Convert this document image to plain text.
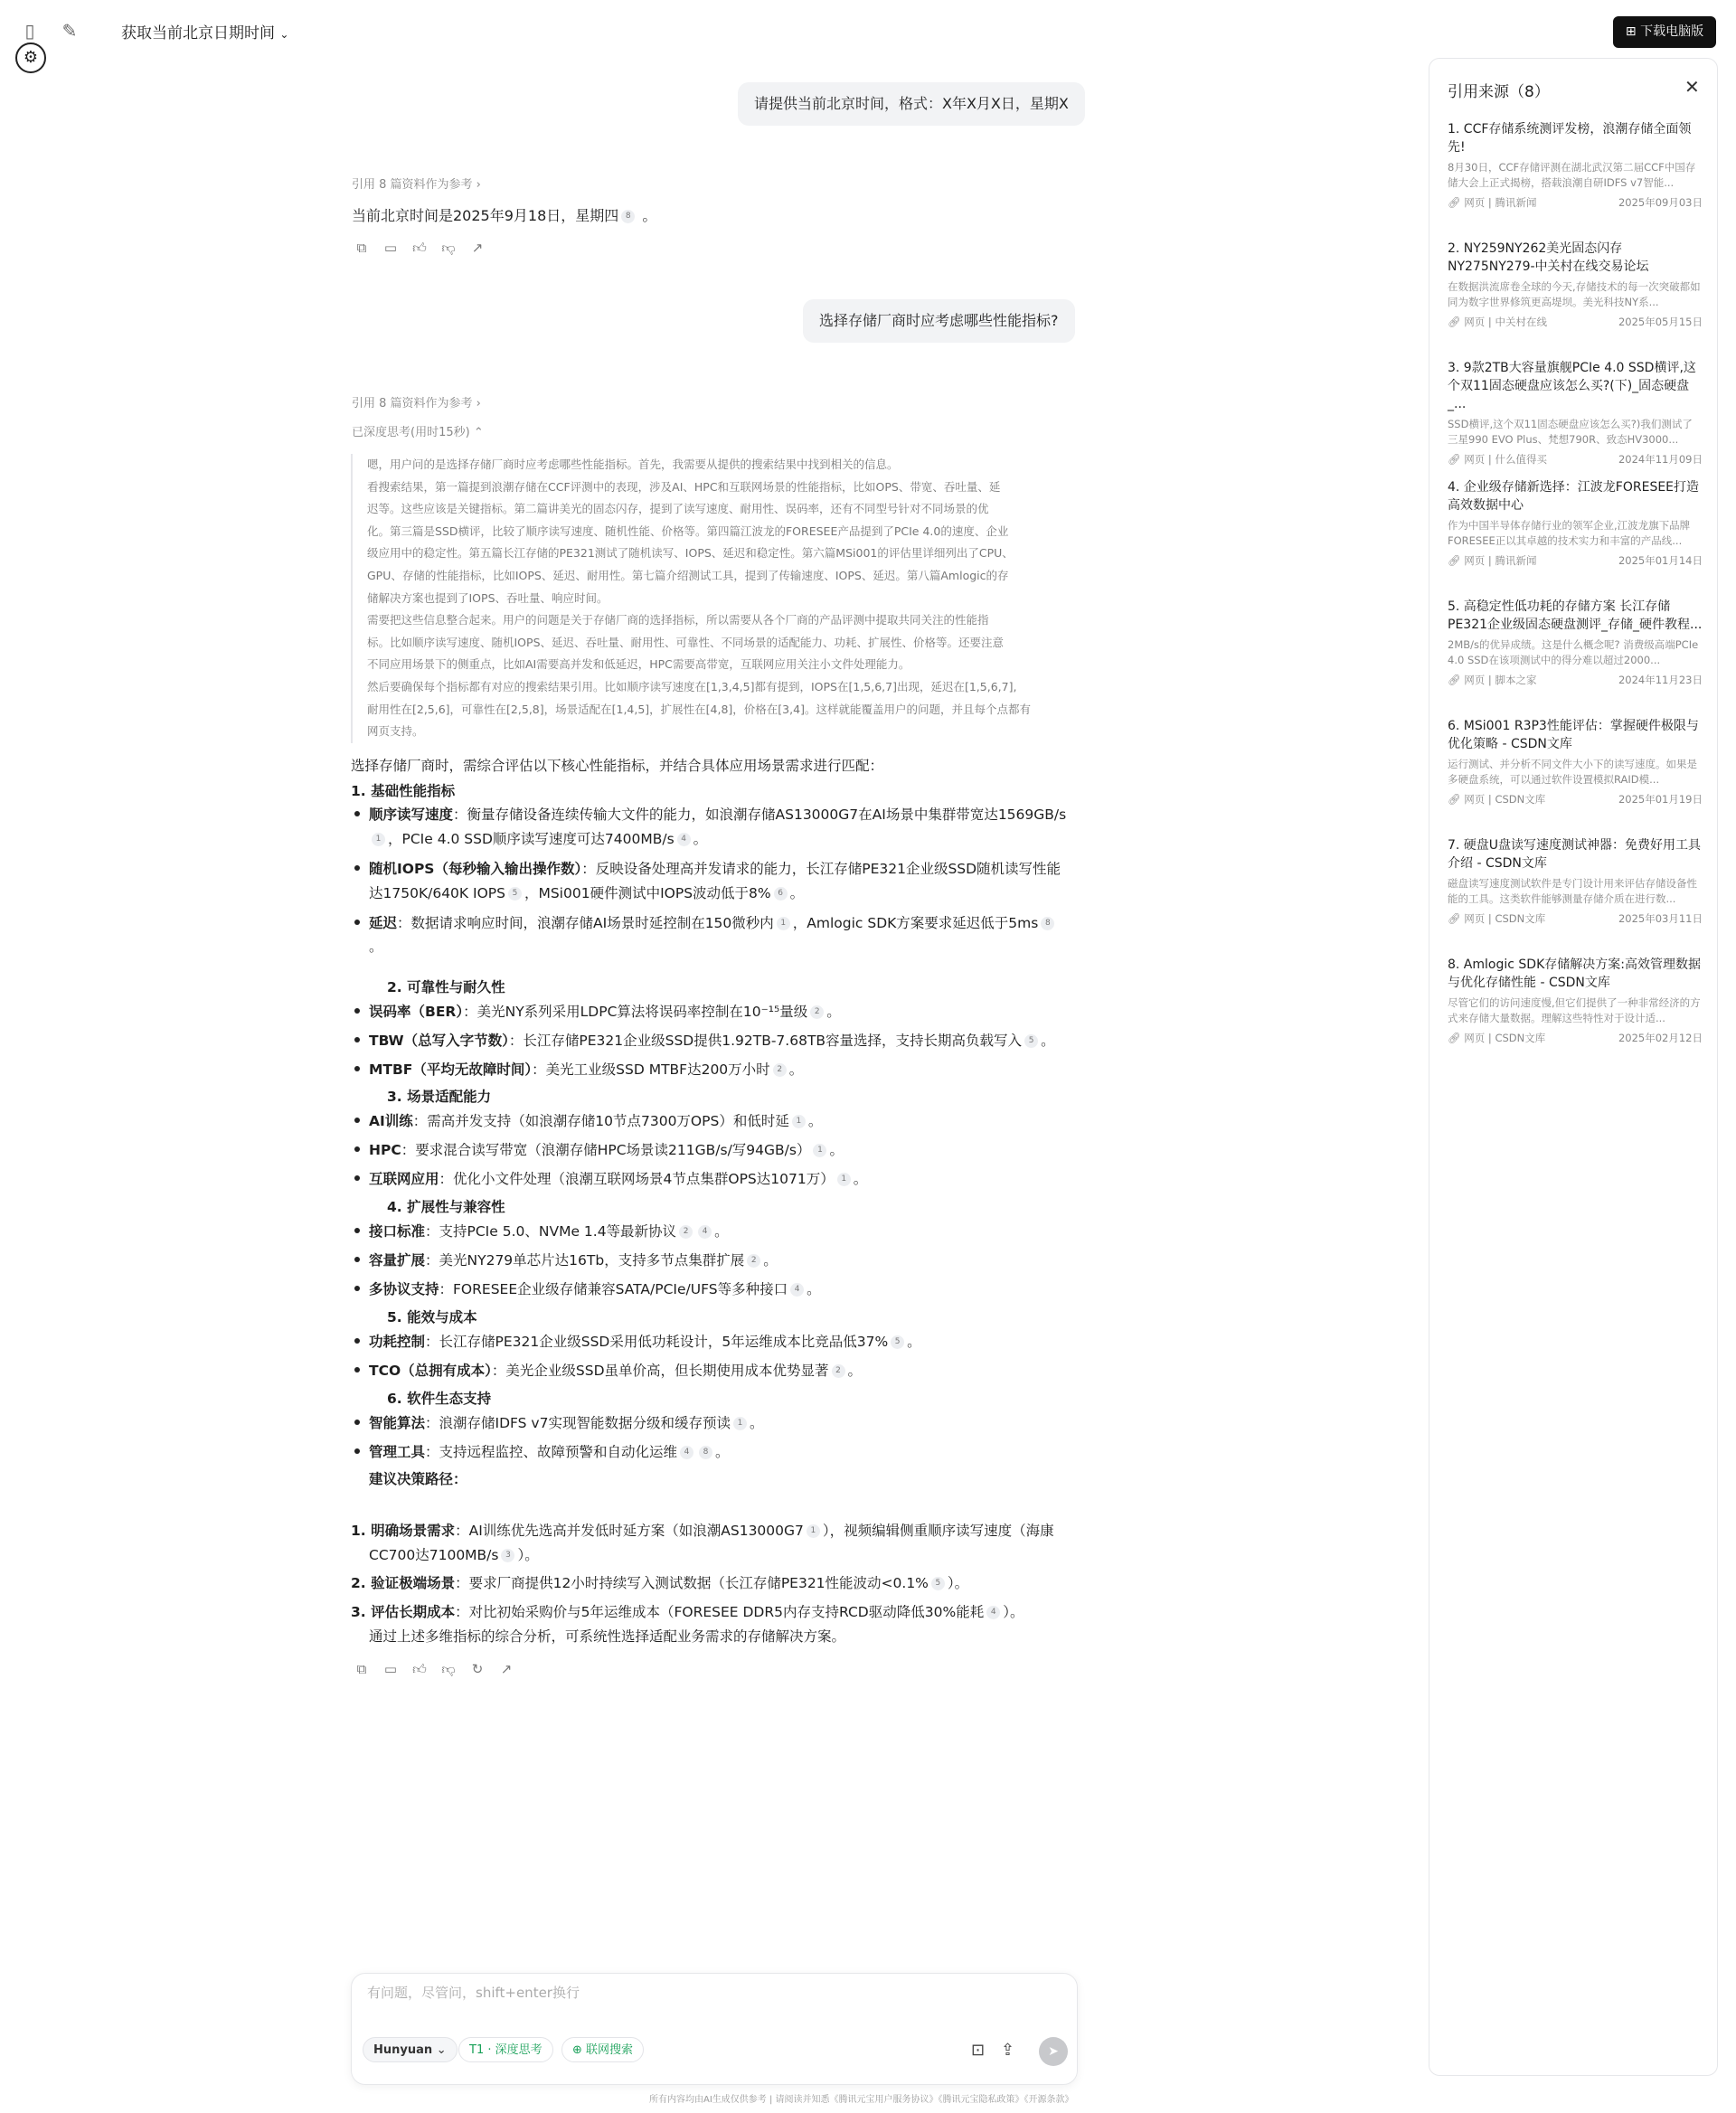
▯ ✎	获取当前北京日期时间 ⌄
⚙
⊞ 下载电脑版
请提供当前北京时间，格式：X年X月X日，星期X
引用 8 篇资料作为参考 ›
当前北京时间是2025年9月18日，星期四 8 。
⧉ ▭ 👍︎ 👎︎ ↗
选择存储厂商时应考虑哪些性能指标?
引用 8 篇资料作为参考 ›
已深度思考(用时15秒) ⌃

嗯，用户问的是选择存储厂商时应考虑哪些性能指标。首先，我需要从提供的搜索结果中找到相关的信息。

看搜索结果，第一篇提到浪潮存储在CCF评测中的表现，涉及AI、HPC和互联网场景的性能指标，比如OPS、带宽、吞吐量、延

迟等。这些应该是关键指标。第二篇讲美光的固态闪存，提到了读写速度、耐用性、误码率，还有不同型号针对不同场景的优

化。第三篇是SSD横评，比较了顺序读写速度、随机性能、价格等。第四篇江波龙的FORESEE产品提到了PCIe 4.0的速度、企业

级应用中的稳定性。第五篇长江存储的PE321测试了随机读写、IOPS、延迟和稳定性。第六篇MSi001的评估里详细列出了CPU、

GPU、存储的性能指标，比如IOPS、延迟、耐用性。第七篇介绍测试工具，提到了传输速度、IOPS、延迟。第八篇Amlogic的存

储解决方案也提到了IOPS、吞吐量、响应时间。

需要把这些信息整合起来。用户的问题是关于存储厂商的选择指标，所以需要从各个厂商的产品评测中提取共同关注的性能指

标。比如顺序读写速度、随机IOPS、延迟、吞吐量、耐用性、可靠性、不同场景的适配能力、功耗、扩展性、价格等。还要注意

不同应用场景下的侧重点，比如AI需要高并发和低延迟，HPC需要高带宽，互联网应用关注小文件处理能力。

然后要确保每个指标都有对应的搜索结果引用。比如顺序读写速度在[1,3,4,5]都有提到，IOPS在[1,5,6,7]出现，延迟在[1,5,6,7],

耐用性在[2,5,6]，可靠性在[2,5,8]，场景适配在[1,4,5]，扩展性在[4,8]，价格在[3,4]。这样就能覆盖用户的问题，并且每个点都有

网页支持。

选择存储厂商时，需综合评估以下核心性能指标，并结合具体应用场景需求进行匹配：
1. 基础性能指标
顺序读写速度：衡量存储设备连续传输大文件的能力，如浪潮存储AS13000G7在AI场景中集群带宽达1569GB/s
1 ，PCIe 4.0 SSD顺序读写速度可达7400MB/s 4 。
随机IOPS（每秒输入输出操作数）：反映设备处理高并发请求的能力，长江存储PE321企业级SSD随机读写性能
达1750K/640K IOPS 5 ，MSi001硬件测试中IOPS波动低于8% 6 。
延迟：数据请求响应时间，浪潮存储AI场景时延控制在150微秒内 1 ，Amlogic SDK方案要求延迟低于5ms 8
。
2. 可靠性与耐久性
误码率（BER）：美光NY系列采用LDPC算法将误码率控制在10⁻¹⁵量级 2 。
TBW（总写入字节数）：长江存储PE321企业级SSD提供1.92TB-7.68TB容量选择，支持长期高负载写入 5 。
MTBF（平均无故障时间）：美光工业级SSD MTBF达200万小时 2 。
3. 场景适配能力
AI训练：需高并发支持（如浪潮存储10节点7300万OPS）和低时延 1 。
HPC：要求混合读写带宽（浪潮存储HPC场景读211GB/s/写94GB/s） 1 。
互联网应用：优化小文件处理（浪潮互联网场景4节点集群OPS达1071万） 1 。
4. 扩展性与兼容性
接口标准：支持PCIe 5.0、NVMe 1.4等最新协议 2 4 。
容量扩展：美光NY279单芯片达16Tb，支持多节点集群扩展 2 。
多协议支持：FORESEE企业级存储兼容SATA/PCIe/UFS等多种接口 4 。
5. 能效与成本
功耗控制：长江存储PE321企业级SSD采用低功耗设计，5年运维成本比竞品低37% 5 。
TCO（总拥有成本）：美光企业级SSD虽单价高，但长期使用成本优势显著 2 。
6. 软件生态支持
智能算法：浪潮存储IDFS v7实现智能数据分级和缓存预读 1 。
管理工具：支持远程监控、故障预警和自动化运维 4 8 。
建议决策路径：
1. 明确场景需求：AI训练优先选高并发低时延方案（如浪潮AS13000G7 1 ），视频编辑侧重顺序读写速度（海康
CC700达7100MB/s 3 ）。
2. 验证极端场景：要求厂商提供12小时持续写入测试数据（长江存储PE321性能波动<0.1% 5 ）。
3. 评估长期成本：对比初始采购价与5年运维成本（FORESEE DDR5内存支持RCD驱动降低30%能耗 4 ）。
通过上述多维指标的综合分析，可系统性选择适配业务需求的存储解决方案。
⧉ ▭ 👍︎ 👎︎ ↻ ↗
有问题，尽管问，shift+enter换行
Hunyuan ⌄	T1 · 深度思考	⊕ 联网搜索	⊡ ⇪	➤
所有内容均由AI生成仅供参考 | 请阅读并知悉《腾讯元宝用户服务协议》《腾讯元宝隐私政策》《开源条款》
引用来源（8）	✕
1. CCF存储系统测评发榜，浪潮存储全面领先!
8月30日，CCF存储评测在湖北武汉第二届CCF中国存储大会上正式揭榜，搭载浪潮自研IDFS v7智能...
🔗︎ 网页 | 腾讯新闻	2025年09月03日
2. NY259NY262美光固态闪存NY275NY279-中关村在线交易论坛
在数据洪流席卷全球的今天,存储技术的每一次突破都如同为数字世界修筑更高堤坝。美光科技NY系...
🔗︎ 网页 | 中关村在线	2025年05月15日
3. 9款2TB大容量旗舰PCIe 4.0 SSD横评,这个双11固态硬盘应该怎么买?(下)_固态硬盘_...
SSD横评,这个双11固态硬盘应该怎么买?)我们测试了三星990 EVO Plus、梵想790R、致态HV3000...
🔗︎ 网页 | 什么值得买	2024年11月09日
4. 企业级存储新选择：江波龙FORESEE打造高效数据中心
作为中国半导体存储行业的领军企业,江波龙旗下品牌FORESEE正以其卓越的技术实力和丰富的产品线...
🔗︎ 网页 | 腾讯新闻	2025年01月14日
5. 高稳定性低功耗的存储方案 长江存储PE321企业级固态硬盘测评_存储_硬件教程...
2MB/s的优异成绩。这是什么概念呢? 消费级高端PCIe 4.0 SSD在该项测试中的得分难以超过2000...
🔗︎ 网页 | 脚本之家	2024年11月23日
6. MSi001 R3P3性能评估：掌握硬件极限与优化策略 - CSDN文库
运行测试、并分析不同文件大小下的读写速度。如果是多硬盘系统，可以通过软件设置模拟RAID模...
🔗︎ 网页 | CSDN文库	2025年01月19日
7. 硬盘U盘读写速度测试神器：免费好用工具介绍 - CSDN文库
磁盘读写速度测试软件是专门设计用来评估存储设备性能的工具。这类软件能够测量存储介质在进行数...
🔗︎ 网页 | CSDN文库	2025年03月11日
8. Amlogic SDK存储解决方案:高效管理数据与优化存储性能 - CSDN文库
尽管它们的访问速度慢,但它们提供了一种非常经济的方式来存储大量数据。理解这些特性对于设计适...
🔗︎ 网页 | CSDN文库	2025年02月12日
